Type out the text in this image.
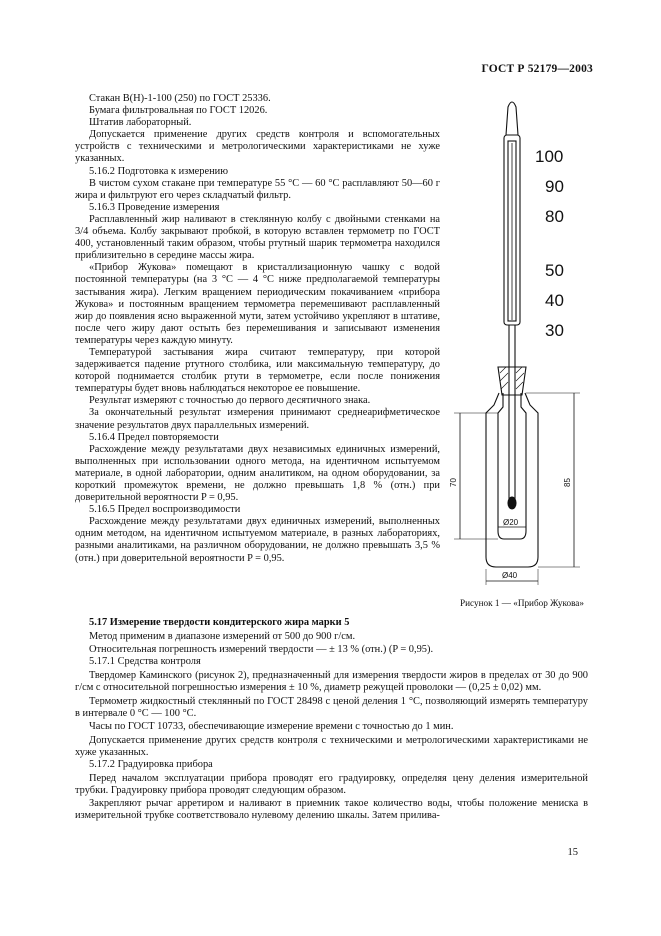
ГОСТ Р 52179—2003

Стакан В(Н)-1-100 (250) по ГОСТ 25336.

Бумага фильтровальная по ГОСТ 12026.

Штатив лабораторный.

Допускается применение других средств контроля и вспомогательных устройств с техническими и метрологическими характеристиками не хуже указанных.

5.16.2 Подготовка к измерению

В чистом сухом стакане при температуре 55 °С — 60 °С расплавляют 50—60 г жира и фильтруют его через складчатый фильтр.

5.16.3 Проведение измерения

Расплавленный жир наливают в стеклянную колбу с двойными стенками на 3/4 объема. Колбу закрывают пробкой, в которую вставлен термометр по ГОСТ 400, установленный таким образом, чтобы ртутный шарик термометра находился приблизительно в середине массы жира.

«Прибор Жукова» помещают в кристаллизационную чашку с водой постоянной температуры (на 3 °С — 4 °С ниже предполагаемой температуры застывания жира). Легким вращением периодическим покачиванием «прибора Жукова» и постоянным вращением термометра перемешивают расплавленный жир до появления ясно выраженной мути, затем устойчиво укрепляют в штативе, после чего жиру дают остыть без перемешивания и записывают изменения температуры через каждую минуту.

Температурой застывания жира считают температуру, при которой задерживается падение ртутного столбика, или максимальную температуру, до которой поднимается столбик ртути в термометре, если после понижения температуры будет вновь наблюдаться некоторое ее повышение.

Результат измеряют с точностью до первого десятичного знака.

За окончательный результат измерения принимают среднеарифметическое значение результатов двух параллельных измерений.

5.16.4 Предел повторяемости

Расхождение между результатами двух независимых единичных измерений, выполненных при использовании одного метода, на идентичном испытуемом материале, в одной лаборатории, одним аналитиком, на одном оборудовании, за короткий промежуток времени, не должно превышать 1,8 % (отн.) при доверительной вероятности P = 0,95.

5.16.5 Предел воспроизводимости

Расхождение между результатами двух единичных измерений, выполненных одним методом, на идентичном испытуемом материале, в разных лабораториях, разными аналитиками, на различном оборудовании, не должно превышать 3,5 % (отн.) при доверительной вероятности P = 0,95.

100
90
80
50
40
30
Ø20
Ø40
70	85
Рисунок 1 — «Прибор Жукова»

5.17 Измерение твердости кондитерского жира марки 5

Метод применим в диапазоне измерений от 500 до 900 г/см.

Относительная погрешность измерений твердости — ± 13 % (отн.) (P = 0,95).

5.17.1 Средства контроля

Твердомер Каминского (рисунок 2), предназначенный для измерения твердости жиров в пределах от 30 до 900 г/см с относительной погрешностью измерения ± 10 %, диаметр режущей проволоки — (0,25 ± 0,02) мм.

Термометр жидкостный стеклянный по ГОСТ 28498 с ценой деления 1 °С, позволяющий измерять температуру в интервале 0 °С — 100 °С.

Часы по ГОСТ 10733, обеспечивающие измерение времени с точностью до 1 мин.

Допускается применение других средств контроля с техническими и метрологическими характеристиками не хуже указанных.

5.17.2 Градуировка прибора

Перед началом эксплуатации прибора проводят его градуировку, определяя цену деления измерительной трубки. Градуировку прибора проводят следующим образом.

Закрепляют рычаг арретиром и наливают в приемник такое количество воды, чтобы положение мениска в измерительной трубке соответствовало нулевому делению шкалы. Затем прилива-

15
